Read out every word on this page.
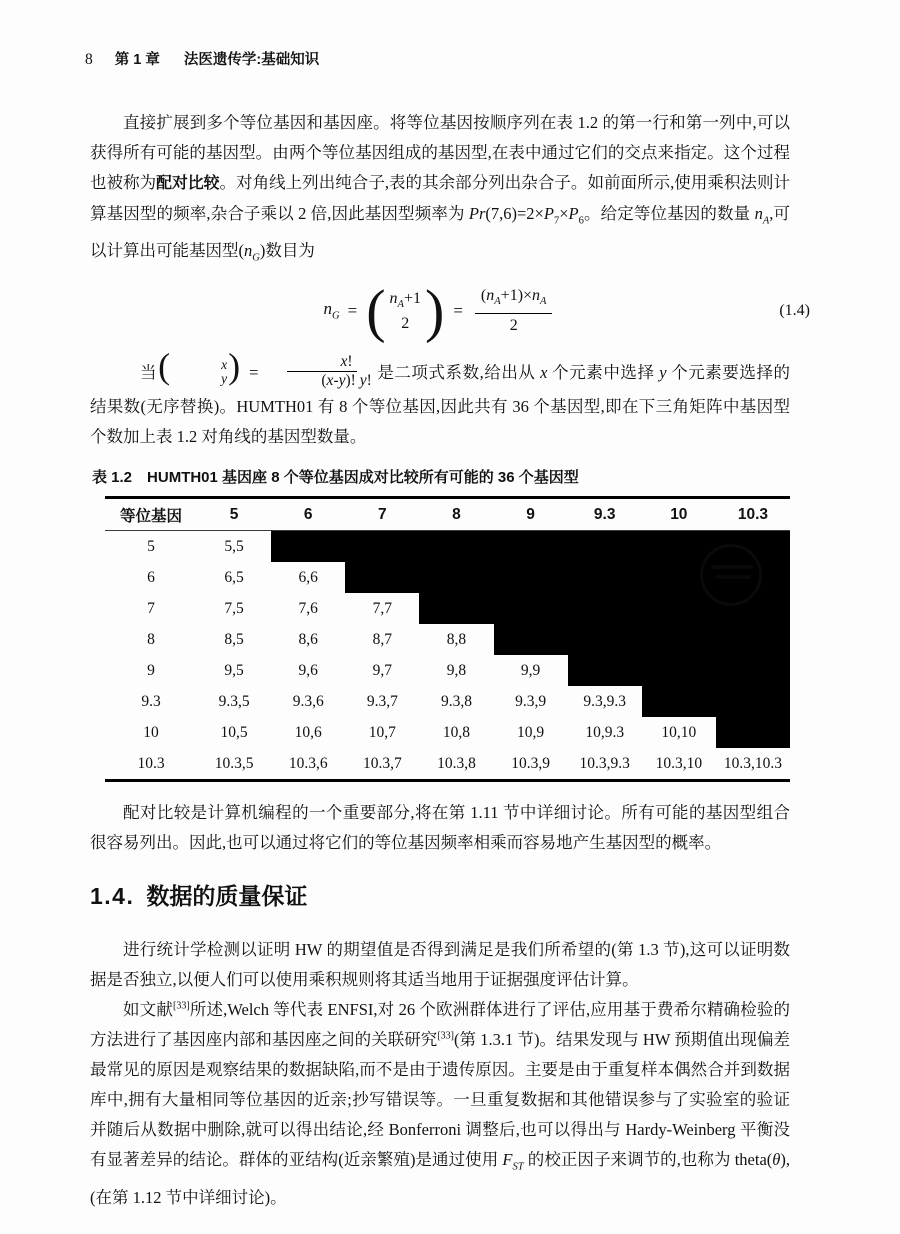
8 第 1 章 法医遗传学:基础知识

直接扩展到多个等位基因和基因座。将等位基因按顺序列在表 1.2 的第一行和第一列中,可以获得所有可能的基因型。由两个等位基因组成的基因型,在表中通过它们的交点来指定。这个过程也被称为配对比较。对角线上列出纯合子,表的其余部分列出杂合子。如前面所示,使用乘积法则计算基因型的频率,杂合子乘以 2 倍,因此基因型频率为 $Pr(7,6)=2\times P_7\times P_6$。给定等位基因的数量 $n_A$,可以计算出可能基因型$(n_G)$数目为

$n_G$ = ( $n_A+1$
2 ) = $\frac{(n_A+1)\times n_A}{2}$	(1.4)

当(	x
y ) = $\frac{x!}{(x-y)! y!}$ 是二项式系数,给出从 x 个元素中选择 y 个元素要选择的结果数(无序替换)。HUMTH01 有 8 个等位基因,因此共有 36 个基因型,即在下三角矩阵中基因型个数加上表 1.2 对角线的基因型数量。

表 1.2 HUMTH01 基因座 8 个等位基因成对比较所有可能的 36 个基因型
等位基因	5	6	7	8	9	9.3	10	10.3
5	5,5							
6	6,5	6,6						
7	7,5	7,6	7,7					
8	8,5	8,6	8,7	8,8				
9	9,5	9,6	9,7	9,8	9,9			
9.3	9.3,5	9.3,6	9.3,7	9.3,8	9.3,9	9.3,9.3		
10	10,5	10,6	10,7	10,8	10,9	10,9.3	10,10	
10.3	10.3,5	10.3,6	10.3,7	10.3,8	10.3,9	10.3,9.3	10.3,10	10.3,10.3

配对比较是计算机编程的一个重要部分,将在第 1.11 节中详细讨论。所有可能的基因型组合很容易列出。因此,也可以通过将它们的等位基因频率相乘而容易地产生基因型的概率。

1.4. 数据的质量保证

进行统计学检测以证明 HW 的期望值是否得到满足是我们所希望的(第 1.3 节),这可以证明数据是否独立,以便人们可以使用乘积规则将其适当地用于证据强度评估计算。

如文献[33]所述,Welch 等代表 ENFSI,对 26 个欧洲群体进行了评估,应用基于费希尔精确检验的方法进行了基因座内部和基因座之间的关联研究[33](第 1.3.1 节)。结果发现与 HW 预期值出现偏差最常见的原因是观察结果的数据缺陷,而不是由于遗传原因。主要是由于重复样本偶然合并到数据库中,拥有大量相同等位基因的近亲;抄写错误等。一旦重复数据和其他错误参与了实验室的验证并随后从数据中删除,就可以得出结论,经 Bonferroni 调整后,也可以得出与 Hardy-Weinberg 平衡没有显著差异的结论。群体的亚结构(近亲繁殖)是通过使用 $F_{ST}$ 的校正因子来调节的,也称为 theta(θ),(在第 1.12 节中详细讨论)。
